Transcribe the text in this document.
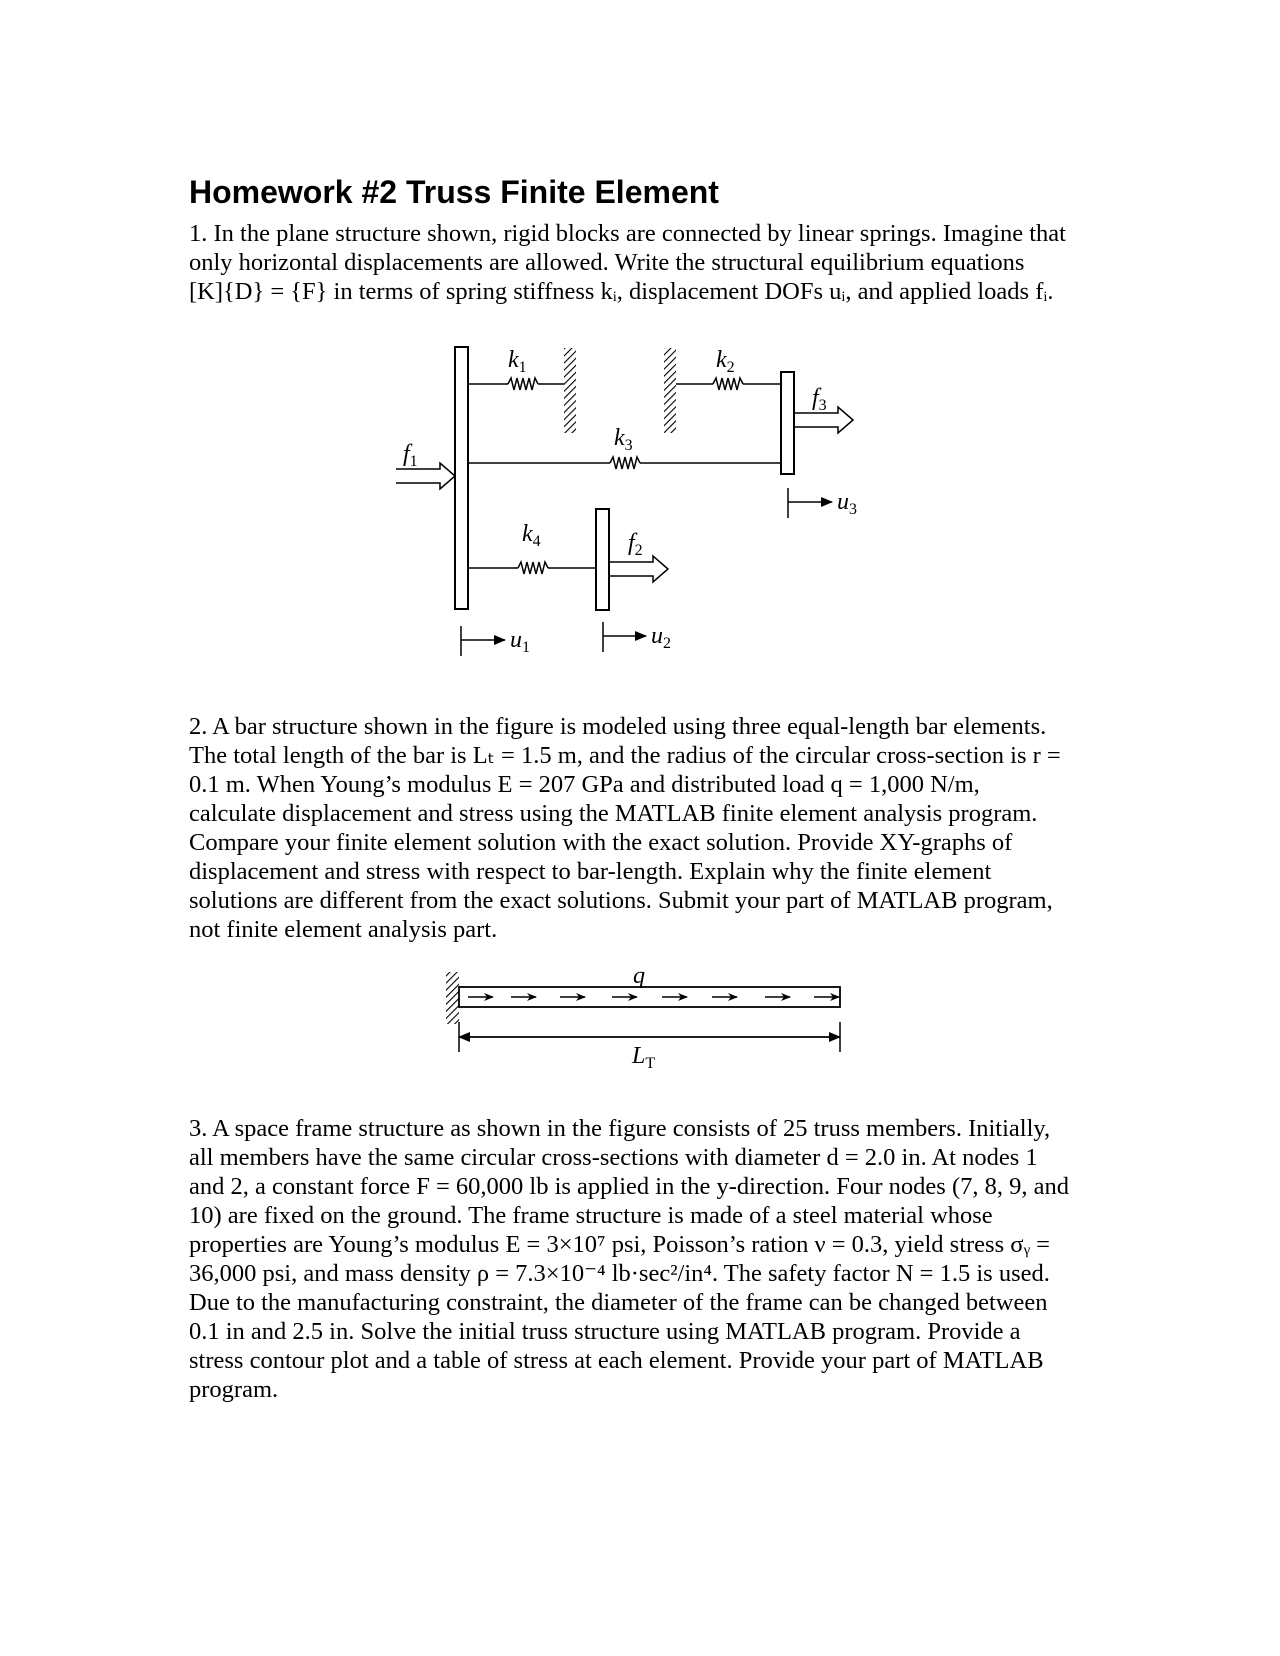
Homework #2 Truss Finite Element
1. In the plane structure shown, rigid blocks are connected by linear springs. Imagine that
only horizontal displacements are allowed. Write the structural equilibrium equations
[K]{D} = {F} in terms of spring stiffness kᵢ, displacement DOFs uᵢ, and applied loads fᵢ.
$k_1$	$k_2$
$k_3$
$k_4$
$f_1$
$f_2$
$f_3$
$u_1$	$u_2$
$u_3$
2. A bar structure shown in the figure is modeled using three equal-length bar elements.
The total length of the bar is Lₜ = 1.5 m, and the radius of the circular cross-section is r =
0.1 m. When Young’s modulus E = 207 GPa and distributed load q = 1,000 N/m,
calculate displacement and stress using the MATLAB finite element analysis program.
Compare your finite element solution with the exact solution. Provide XY-graphs of
displacement and stress with respect to bar-length. Explain why the finite element
solutions are different from the exact solutions. Submit your part of MATLAB program,
not finite element analysis part.
q
$L_T$
3. A space frame structure as shown in the figure consists of 25 truss members. Initially,
all members have the same circular cross-sections with diameter d = 2.0 in. At nodes 1
and 2, a constant force F = 60,000 lb is applied in the y-direction. Four nodes (7, 8, 9, and
10) are fixed on the ground. The frame structure is made of a steel material whose
properties are Young’s modulus E = 3×10⁷ psi, Poisson’s ration ν = 0.3, yield stress σᵧ =
36,000 psi, and mass density ρ = 7.3×10⁻⁴ lb·sec²/in⁴. The safety factor N = 1.5 is used.
Due to the manufacturing constraint, the diameter of the frame can be changed between
0.1 in and 2.5 in. Solve the initial truss structure using MATLAB program. Provide a
stress contour plot and a table of stress at each element. Provide your part of MATLAB
program.
